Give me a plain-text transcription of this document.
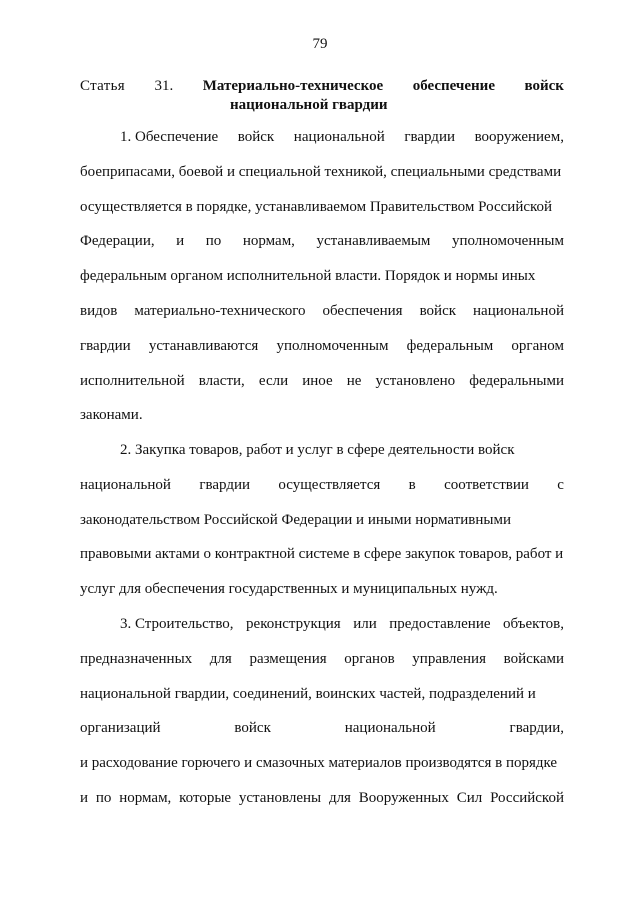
79
Статья 31. Материально-техническое обеспечение войск
национальной гвардии
1. Обеспечение войск национальной гвардии вооружением,
боеприпасами, боевой и специальной техникой, специальными средствами
осуществляется в порядке, устанавливаемом Правительством Российской
Федерации, и по нормам, устанавливаемым уполномоченным
федеральным органом исполнительной власти. Порядок и нормы иных
видов материально-технического обеспечения войск национальной
гвардии устанавливаются уполномоченным федеральным органом
исполнительной власти, если иное не установлено федеральными
законами.
2. Закупка товаров, работ и услуг в сфере деятельности войск
национальной гвардии осуществляется в соответствии с
законодательством Российской Федерации и иными нормативными
правовыми актами о контрактной системе в сфере закупок товаров, работ и
услуг для обеспечения государственных и муниципальных нужд.
3. Строительство, реконструкция или предоставление объектов,
предназначенных для размещения органов управления войсками
национальной гвардии, соединений, воинских частей, подразделений и
организаций	войск	национальной	гвардии,
и расходование горючего и смазочных материалов производятся в порядке
и по нормам, которые установлены для Вооруженных Сил Российской
